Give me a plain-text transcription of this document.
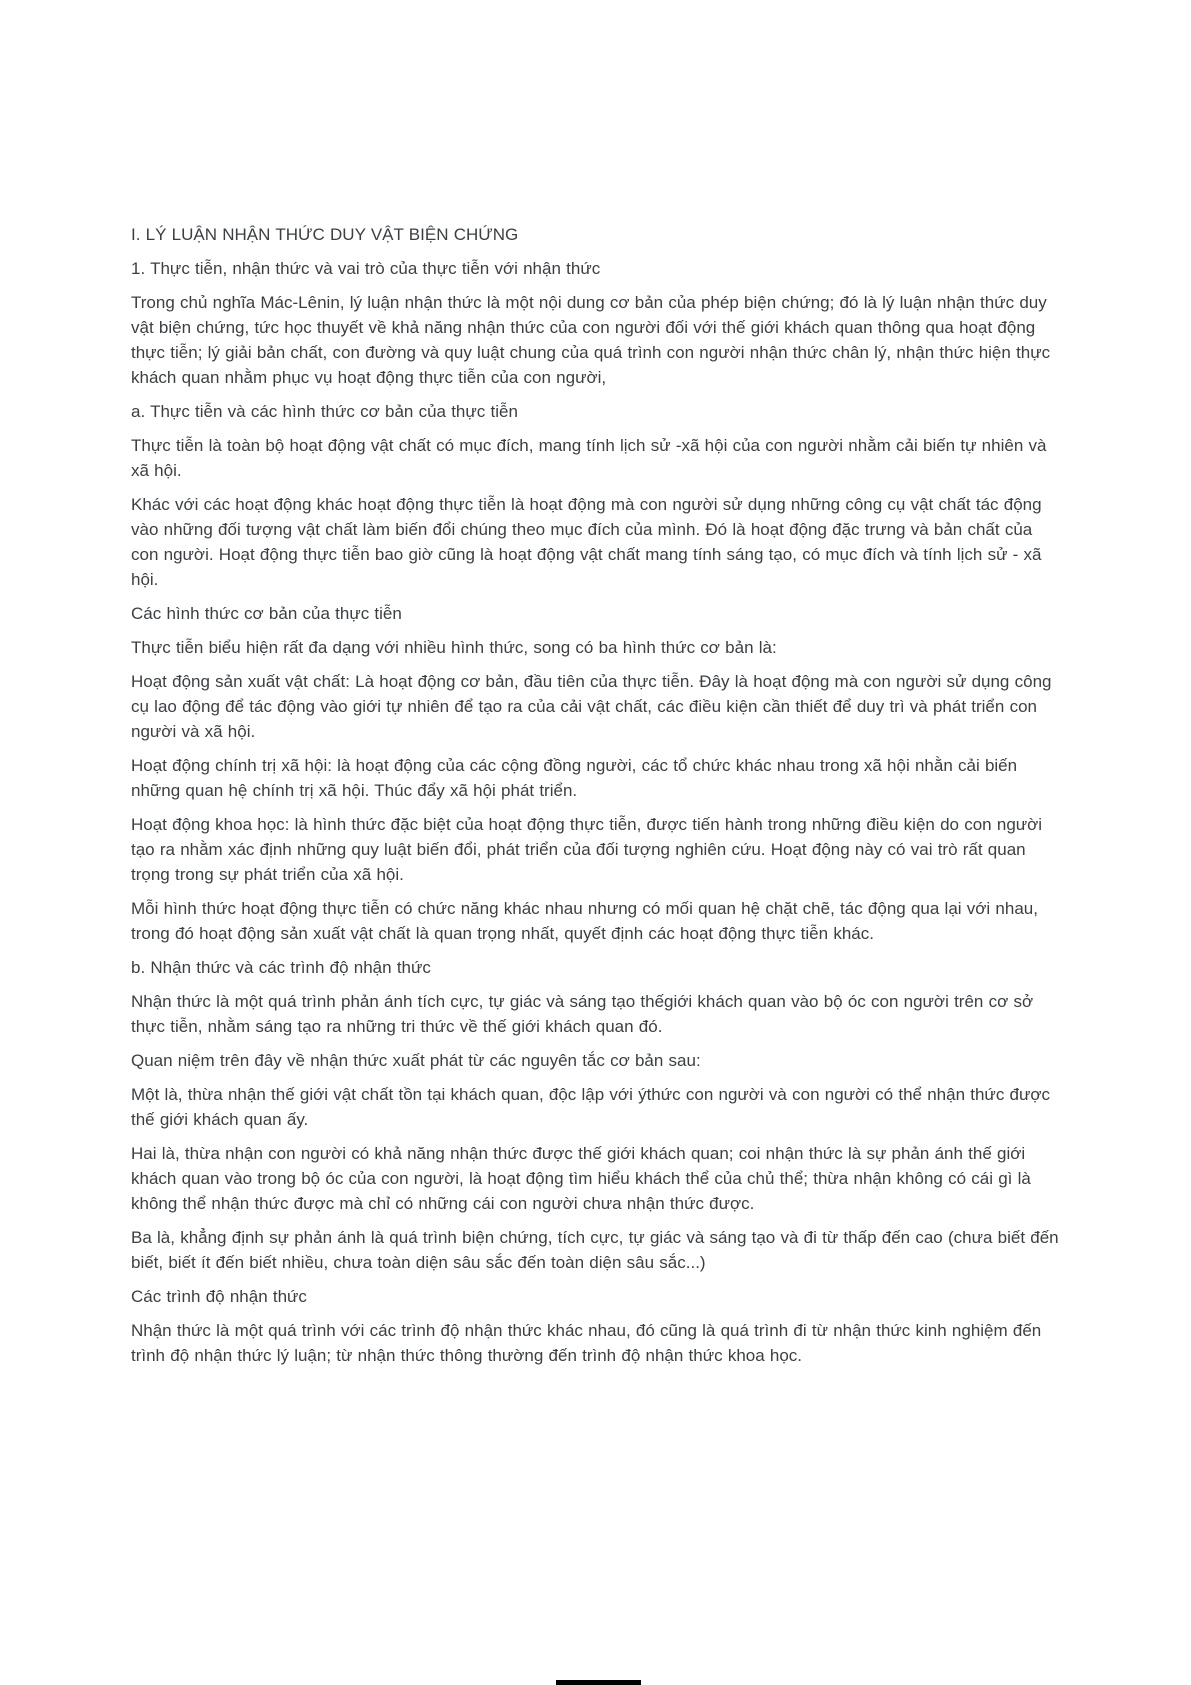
I. LÝ LUẬN NHẬN THỨC DUY VẬT BIỆN CHỨNG

1. Thực tiễn, nhận thức và vai trò của thực tiễn với nhận thức

Trong chủ nghĩa Mác-Lênin, lý luận nhận thức là một nội dung cơ bản của phép biện chứng; đó là lý luận nhận thức duy vật biện chứng, tức học thuyết về khả năng nhận thức của con người đối với thế giới khách quan thông qua hoạt động thực tiễn; lý giải bản chất, con đường và quy luật chung của quá trình con người nhận thức chân lý, nhận thức hiện thực khách quan nhằm phục vụ hoạt động thực tiễn của con người,

a. Thực tiễn và các hình thức cơ bản của thực tiễn

Thực tiễn là toàn bộ hoạt động vật chất có mục đích, mang tính lịch sử -xã hội của con người nhằm cải biến tự nhiên và xã hội.

Khác với các hoạt động khác hoạt động thực tiễn là hoạt động mà con người sử dụng những công cụ vật chất tác động vào những đối tượng vật chất làm biến đổi chúng theo mục đích của mình. Đó là hoạt động đặc trưng và bản chất của con người. Hoạt động thực tiễn bao giờ cũng là hoạt động vật chất mang tính sáng tạo, có mục đích và tính lịch sử - xã hội.

Các hình thức cơ bản của thực tiễn

Thực tiễn biểu hiện rất đa dạng với nhiều hình thức, song có ba hình thức cơ bản là:

Hoạt động sản xuất vật chất: Là hoạt động cơ bản, đầu tiên của thực tiễn. Đây là hoạt động mà con người sử dụng công cụ lao động để tác động vào giới tự nhiên để tạo ra của cải vật chất, các điều kiện cần thiết để duy trì và phát triển con người và xã hội.

Hoạt động chính trị xã hội: là hoạt động của các cộng đồng người, các tổ chức khác nhau trong xã hội nhằn cải biến những quan hệ chính trị xã hội. Thúc đẩy xã hội phát triển.

Hoạt động khoa học: là hình thức đặc biệt của hoạt động thực tiễn, được tiến hành trong những điều kiện do con người tạo ra nhằm xác định những quy luật biến đổi, phát triển của đối tượng nghiên cứu. Hoạt động này có vai trò rất quan trọng trong sự phát triển của xã hội.

Mỗi hình thức hoạt động thực tiễn có chức năng khác nhau nhưng có mối quan hệ chặt chẽ, tác động qua lại với nhau, trong đó hoạt động sản xuất vật chất là quan trọng nhất, quyết định các hoạt động thực tiễn khác.

b. Nhận thức và các trình độ nhận thức

Nhận thức là một quá trình phản ánh tích cực, tự giác và sáng tạo thếgiới khách quan vào bộ óc con người trên cơ sở thực tiễn, nhằm sáng tạo ra những tri thức về thế giới khách quan đó.

Quan niệm trên đây về nhận thức xuất phát từ các nguyên tắc cơ bản sau:

Một là, thừa nhận thế giới vật chất tồn tại khách quan, độc lập với ýthức con người và con người có thể nhận thức được thế giới khách quan ấy.

Hai là, thừa nhận con người có khả năng nhận thức được thế giới khách quan; coi nhận thức là sự phản ánh thế giới khách quan vào trong bộ óc của con người, là hoạt động tìm hiểu khách thể của chủ thể; thừa nhận không có cái gì là không thể nhận thức được mà chỉ có những cái con người chưa nhận thức được.

Ba là, khẳng định sự phản ánh là quá trình biện chứng, tích cực, tự giác và sáng tạo và đi từ thấp đến cao (chưa biết đến biết, biết ít đến biết nhiều, chưa toàn diện sâu sắc đến toàn diện sâu sắc...)

Các trình độ nhận thức

Nhận thức là một quá trình với các trình độ nhận thức khác nhau, đó cũng là quá trình đi từ nhận thức kinh nghiệm đến trình độ nhận thức lý luận; từ nhận thức thông thường đến trình độ nhận thức khoa học.
